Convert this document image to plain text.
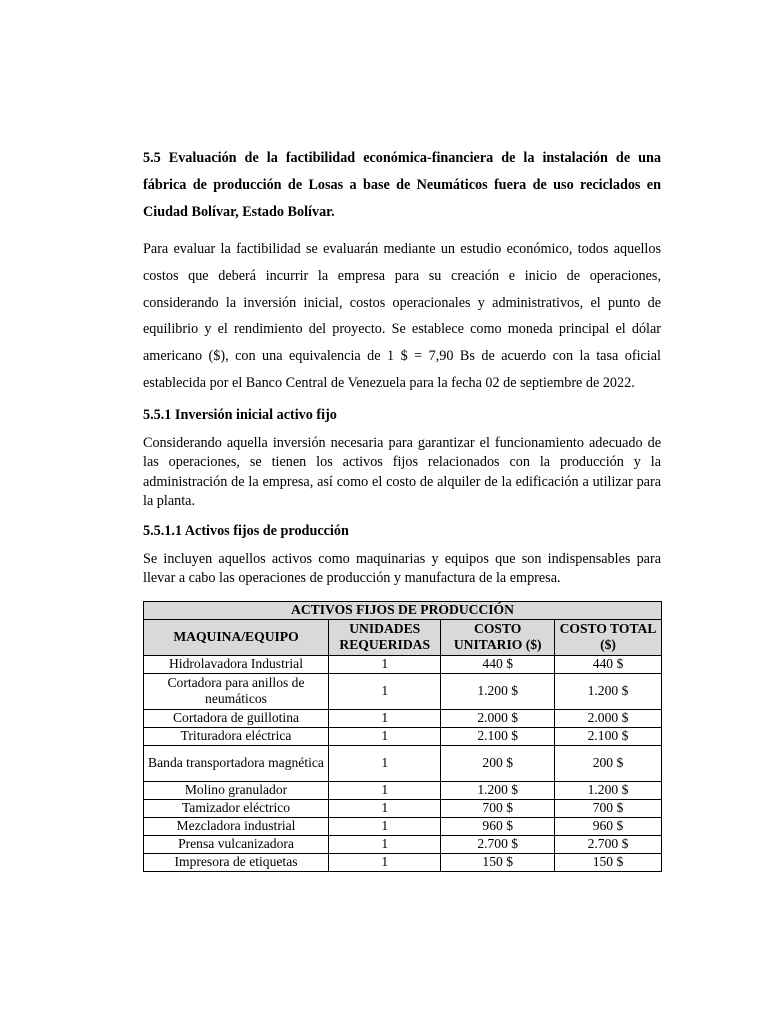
5.5 Evaluación de la factibilidad económica-financiera de la instalación de una fábrica de producción de Losas a base de Neumáticos fuera de uso reciclados en Ciudad Bolívar, Estado Bolívar.

Para evaluar la factibilidad se evaluarán mediante un estudio económico, todos aquellos costos que deberá incurrir la empresa para su creación e inicio de operaciones, considerando la inversión inicial, costos operacionales y administrativos, el punto de equilibrio y el rendimiento del proyecto. Se establece como moneda principal el dólar americano ($), con una equivalencia de 1 $ = 7,90 Bs de acuerdo con la tasa oficial establecida por el Banco Central de Venezuela para la fecha 02 de septiembre de 2022.

5.5.1 Inversión inicial activo fijo

Considerando aquella inversión necesaria para garantizar el funcionamiento adecuado de las operaciones, se tienen los activos fijos relacionados con la producción y la administración de la empresa, así como el costo de alquiler de la edificación a utilizar para la planta.

5.5.1.1 Activos fijos de producción

Se incluyen aquellos activos como maquinarias y equipos que son indispensables para llevar a cabo las operaciones de producción y manufactura de la empresa.

ACTIVOS FIJOS DE PRODUCCIÓN			
MAQUINA/EQUIPO	UNIDADES REQUERIDAS	COSTO UNITARIO ($)	COSTO TOTAL ($)
Hidrolavadora Industrial	1	440 $	440 $
Cortadora para anillos de neumáticos	1	1.200 $	1.200 $
Cortadora de guillotina	1	2.000 $	2.000 $
Trituradora eléctrica	1	2.100 $	2.100 $
Banda transportadora magnética	1	200 $	200 $
Molino granulador	1	1.200 $	1.200 $
Tamizador eléctrico	1	700 $	700 $
Mezcladora industrial	1	960 $	960 $
Prensa vulcanizadora	1	2.700 $	2.700 $
Impresora de etiquetas	1	150 $	150 $
